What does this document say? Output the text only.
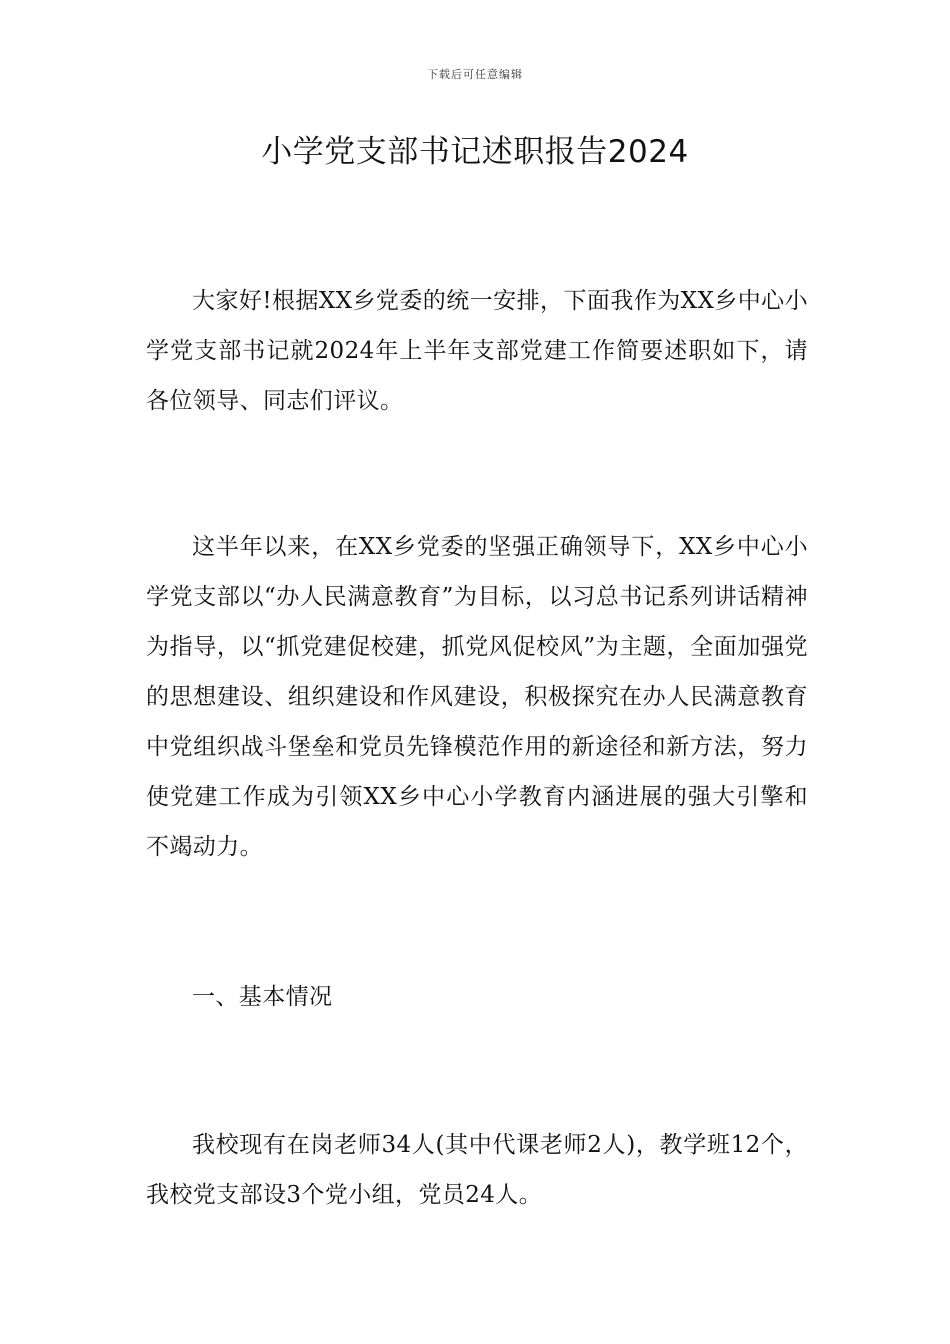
下载后可任意编辑
小学党支部书记述职报告2024

大家好!根据XX乡党委的统一安排，下面我作为XX乡中心小学党支部书记就2024年上半年支部党建工作简要述职如下，请各位领导、同志们评议。

这半年以来，在XX乡党委的坚强正确领导下，XX乡中心小学党支部以“办人民满意教育”为目标，以习总书记系列讲话精神为指导，以“抓党建促校建，抓党风促校风”为主题，全面加强党的思想建设、组织建设和作风建设，积极探究在办人民满意教育中党组织战斗堡垒和党员先锋模范作用的新途径和新方法，努力使党建工作成为引领XX乡中心小学教育内涵进展的强大引擎和不竭动力。

一、基本情况

我校现有在岗老师34人(其中代课老师2人)，教学班12个，我校党支部设3个党小组，党员24人。
